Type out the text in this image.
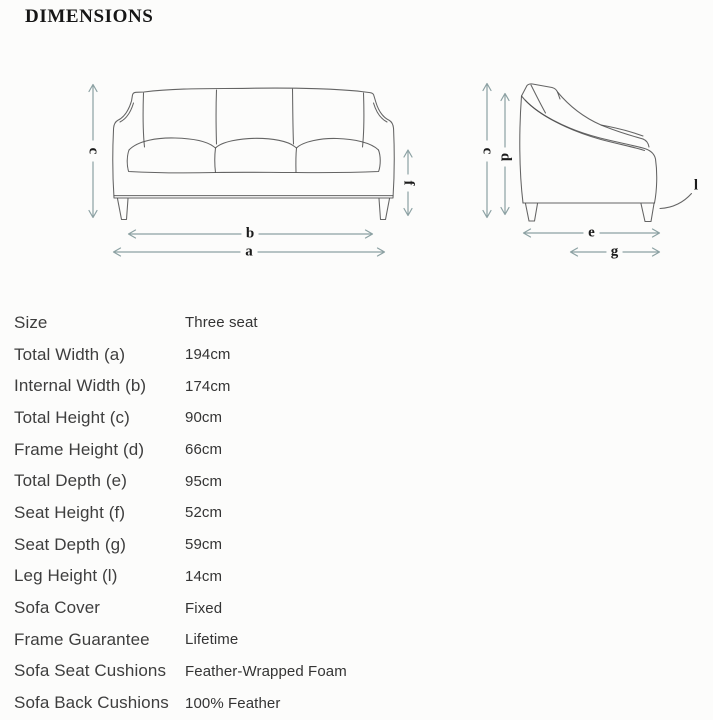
DIMENSIONS
c
f
b
a
c
d
e
g
l
Size	Three seat
Total Width (a)	194cm
Internal Width (b)	174cm
Total Height (c)	90cm
Frame Height (d)	66cm
Total Depth (e)	95cm
Seat Height (f)	52cm
Seat Depth (g)	59cm
Leg Height (l)	14cm
Sofa Cover	Fixed
Frame Guarantee	Lifetime
Sofa Seat Cushions	Feather-Wrapped Foam
Sofa Back Cushions	100% Feather
